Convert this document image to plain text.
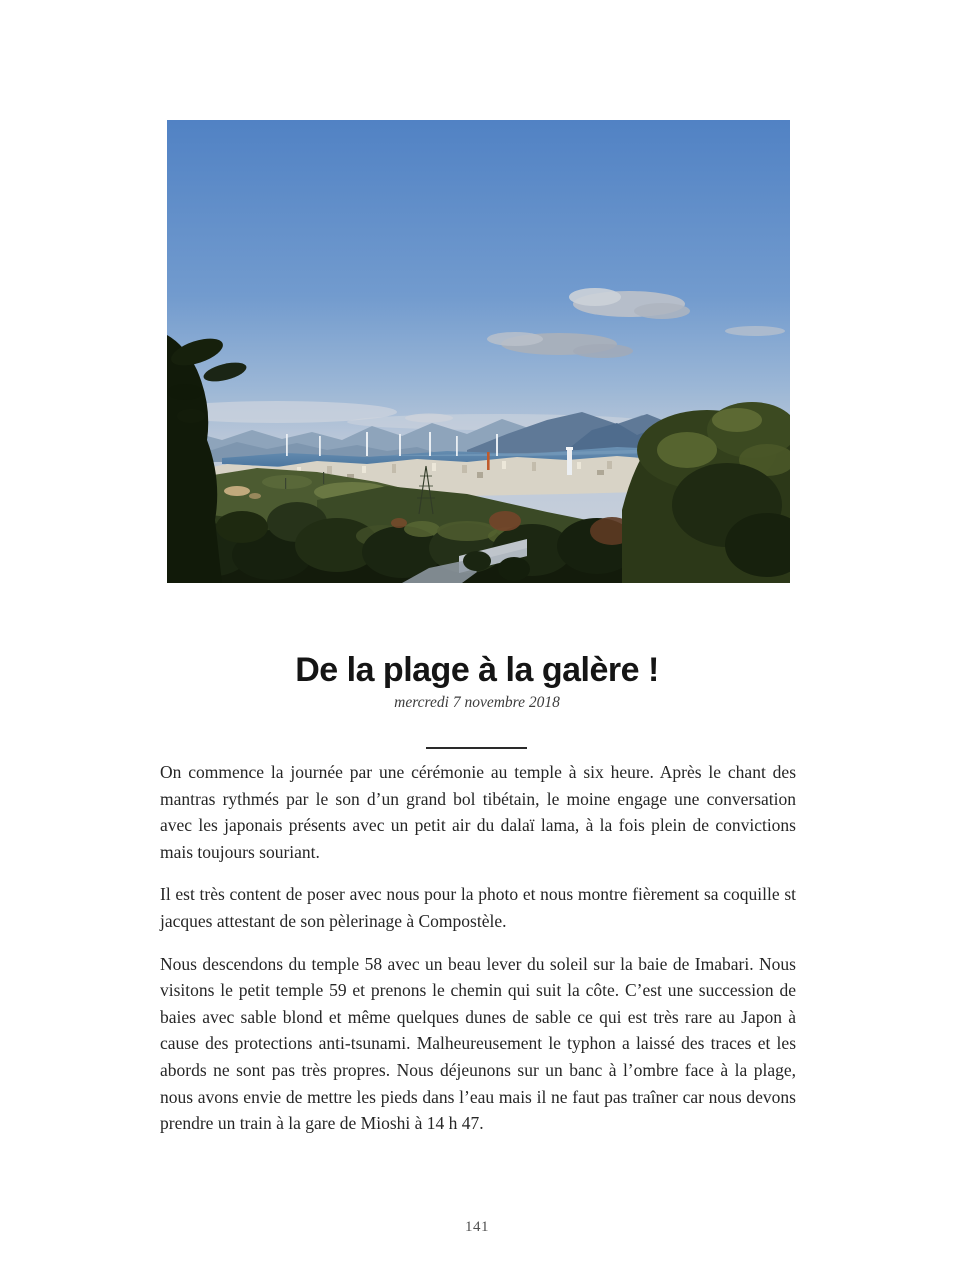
De la plage à la galère !
mercredi 7 novembre 2018

On commence la journée par une cérémonie au temple à six heure. Après le chant des mantras rythmés par le son d’un grand bol tibétain, le moine engage une conversation avec les japonais présents avec un petit air du dalaï lama, à la fois plein de convictions mais toujours souriant.

Il est très content de poser avec nous pour la photo et nous montre fièrement sa coquille st jacques attestant de son pèlerinage à Compostèle.

Nous descendons du temple 58 avec un beau lever du soleil sur la baie de Imabari. Nous visitons le petit temple 59 et prenons le chemin qui suit la côte. C’est une succession de baies avec sable blond et même quelques dunes de sable ce qui est très rare au Japon à cause des protections anti-tsunami. Malheureusement le typhon a laissé des traces et les abords ne sont pas très propres. Nous déjeunons sur un banc à l’ombre face à la plage, nous avons envie de mettre les pieds dans l’eau mais il ne faut pas traîner car nous devons prendre un train à la gare de Mioshi à 14 h 47.

141
